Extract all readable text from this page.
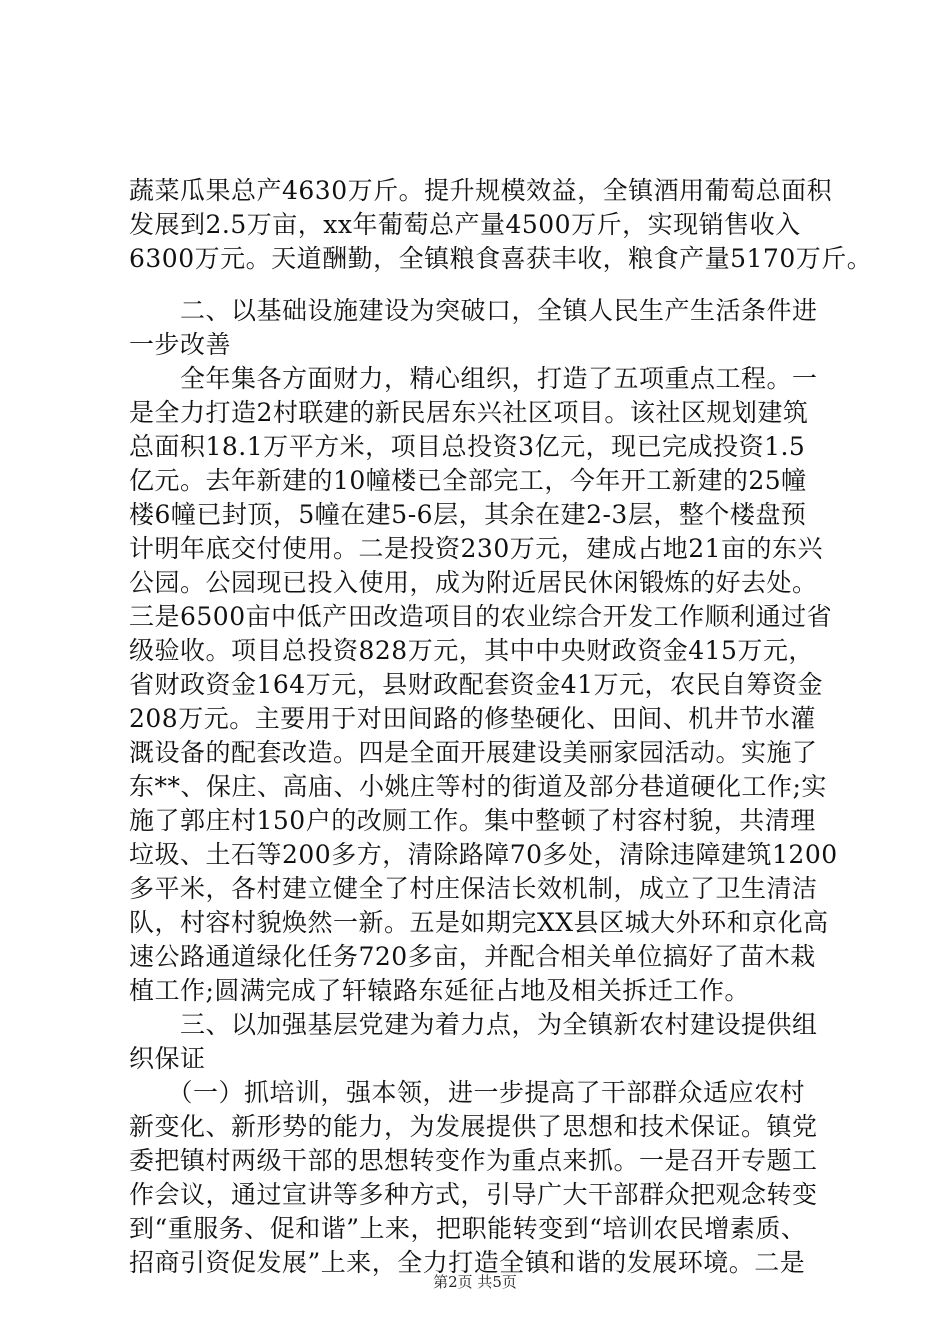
蔬菜瓜果总产4630万斤。提升规模效益，全镇酒用葡萄总面积
发展到2.5万亩，xx年葡萄总产量4500万斤，实现销售收入
6300万元。天道酬勤，全镇粮食喜获丰收，粮食产量5170万斤。
　　二、以基础设施建设为突破口，全镇人民生产生活条件进
一步改善
　　全年集各方面财力，精心组织，打造了五项重点工程。一
是全力打造2村联建的新民居东兴社区项目。该社区规划建筑
总面积18.1万平方米，项目总投资3亿元，现已完成投资1.5
亿元。去年新建的10幢楼已全部完工，今年开工新建的25幢
楼6幢已封顶，5幢在建5-6层，其余在建2-3层，整个楼盘预
计明年底交付使用。二是投资230万元，建成占地21亩的东兴
公园。公园现已投入使用，成为附近居民休闲锻炼的好去处。
三是6500亩中低产田改造项目的农业综合开发工作顺利通过省
级验收。项目总投资828万元，其中中央财政资金415万元，
省财政资金164万元，县财政配套资金41万元，农民自筹资金
208万元。主要用于对田间路的修垫硬化、田间、机井节水灌
溉设备的配套改造。四是全面开展建设美丽家园活动。实施了
东**、保庄、高庙、小姚庄等村的街道及部分巷道硬化工作;实
施了郭庄村150户的改厕工作。集中整顿了村容村貌，共清理
垃圾、土石等200多方，清除路障70多处，清除违障建筑1200
多平米，各村建立健全了村庄保洁长效机制，成立了卫生清洁
队，村容村貌焕然一新。五是如期完XX县区城大外环和京化高
速公路通道绿化任务720多亩，并配合相关单位搞好了苗木栽
植工作;圆满完成了轩辕路东延征占地及相关拆迁工作。
　　三、以加强基层党建为着力点，为全镇新农村建设提供组
织保证
　　（一）抓培训，强本领，进一步提高了干部群众适应农村
新变化、新形势的能力，为发展提供了思想和技术保证。镇党
委把镇村两级干部的思想转变作为重点来抓。一是召开专题工
作会议，通过宣讲等多种方式，引导广大干部群众把观念转变
到“重服务、促和谐”上来，把职能转变到“培训农民增素质、
招商引资促发展”上来，全力打造全镇和谐的发展环境。二是
第2页 共5页
